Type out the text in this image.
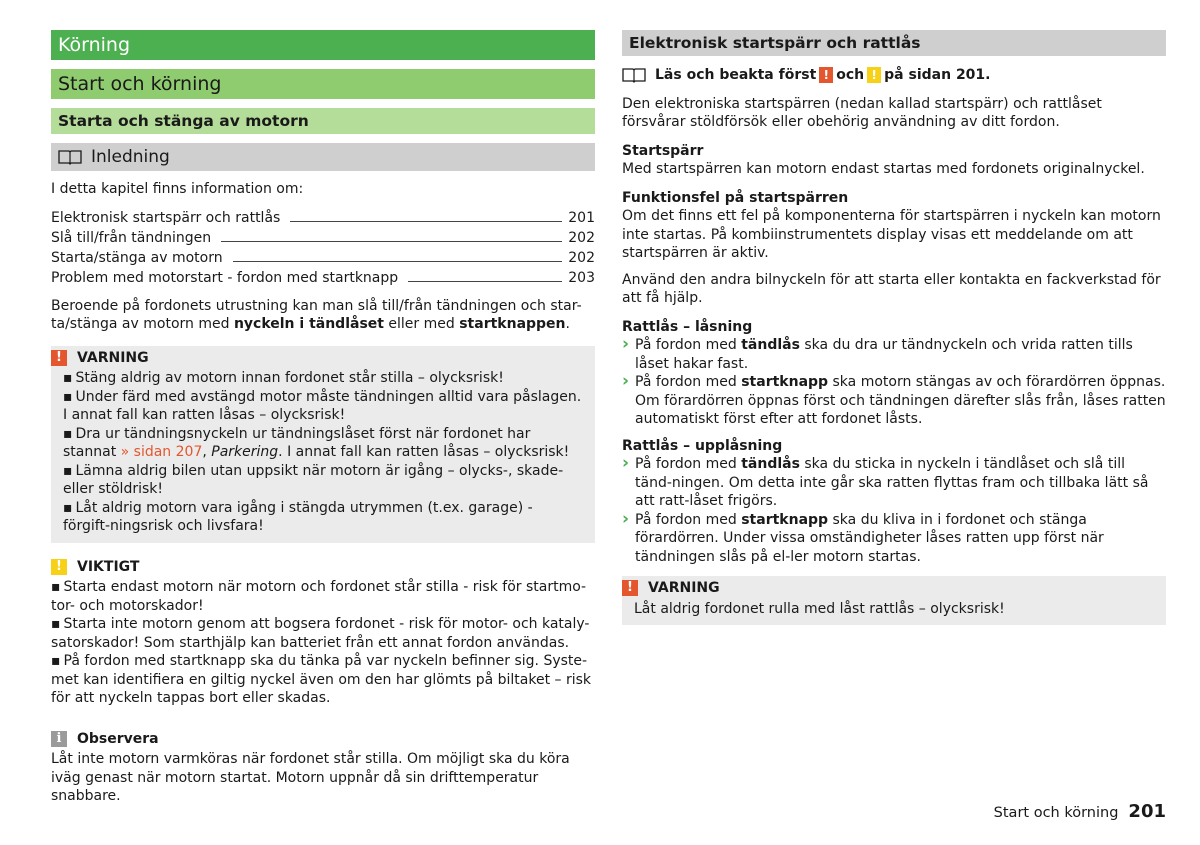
Körning
Start och körning
Starta och stänga av motorn
Inledning

I detta kapitel finns information om:

Elektronisk startspärr och rattlås	201
Slå till/från tändningen	202
Starta/stänga av motorn	202
Problem med motorstart - fordon med startknapp	203

Beroende på fordonets utrustning kan man slå till/från tändningen och star-ta/stänga av motorn med nyckeln i tändlåset eller med startknappen.

!	VARNING
▪ Stäng aldrig av motorn innan fordonet står stilla – olycksrisk!
▪ Under färd med avstängd motor måste tändningen alltid vara påslagen. I annat fall kan ratten låsas – olycksrisk!
▪ Dra ur tändningsnyckeln ur tändningslåset först när fordonet har stannat » sidan 207, Parkering. I annat fall kan ratten låsas – olycksrisk!
▪ Lämna aldrig bilen utan uppsikt när motorn är igång – olycks-, skade- eller stöldrisk!
▪ Låt aldrig motorn vara igång i stängda utrymmen (t.ex. garage) - förgift-ningsrisk och livsfara!
!	VIKTIGT
▪ Starta endast motorn när motorn och fordonet står stilla - risk för startmo-tor- och motorskador!
▪ Starta inte motorn genom att bogsera fordonet - risk för motor- och kataly-satorskador! Som starthjälp kan batteriet från ett annat fordon användas.
▪ På fordon med startknapp ska du tänka på var nyckeln befinner sig. Syste-met kan identifiera en giltig nyckel även om den har glömts på biltaket – risk för att nyckeln tappas bort eller skadas.
i	Observera
Låt inte motorn varmköras när fordonet står stilla. Om möjligt ska du köra iväg genast när motorn startat. Motorn uppnår då sin drifttemperatur snabbare.
Elektronisk startspärr och rattlås

Läs och beakta först ! och ! på sidan 201.

Den elektroniska startspärren (nedan kallad startspärr) och rattlåset försvårar stöldförsök eller obehörig användning av ditt fordon.

Startspärr

Med startspärren kan motorn endast startas med fordonets originalnyckel.

Funktionsfel på startspärren

Om det finns ett fel på komponenterna för startspärren i nyckeln kan motorn inte startas. På kombiinstrumentets display visas ett meddelande om att startspärren är aktiv.

Använd den andra bilnyckeln för att starta eller kontakta en fackverkstad för att få hjälp.

Rattlås – låsning

› På fordon med tändlås ska du dra ur tändnyckeln och vrida ratten tills låset hakar fast.

› På fordon med startknapp ska motorn stängas av och förardörren öppnas. Om förardörren öppnas först och tändningen därefter slås från, låses ratten automatiskt först efter att fordonet låsts.

Rattlås – upplåsning

› På fordon med tändlås ska du sticka in nyckeln i tändlåset och slå till tänd-ningen. Om detta inte går ska ratten flyttas fram och tillbaka lätt så att ratt-låset frigörs.

› På fordon med startknapp ska du kliva in i fordonet och stänga förardörren. Under vissa omständigheter låses ratten upp först när tändningen slås på el-ler motorn startas.

!	VARNING
Låt aldrig fordonet rulla med låst rattlås – olycksrisk!
Start och körning 201
